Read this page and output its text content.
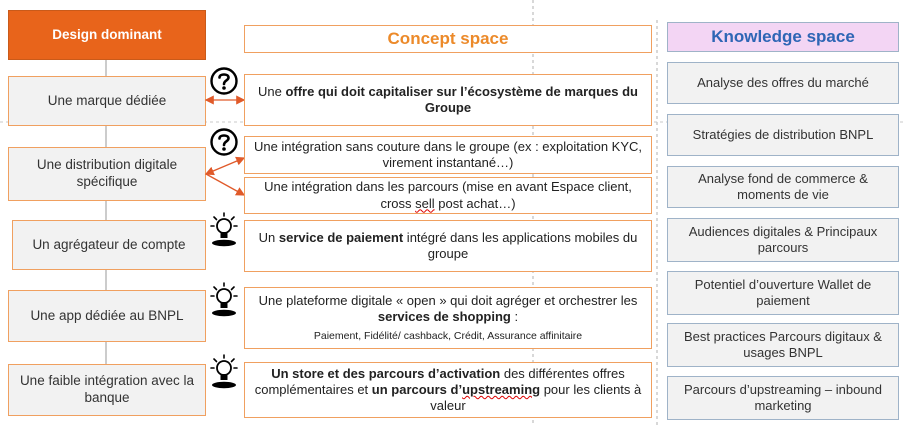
Design dominant	Concept space	Knowledge space
Une marque dédiée
Une distribution digitale spécifique
Un agrégateur de compte
Une app dédiée au BNPL
Une faible intégration avec la banque
Une offre qui doit capitaliser sur l’écosystème de marques du Groupe
Une intégration sans couture dans le groupe (ex : exploitation KYC, virement instantané…)
Une intégration dans les parcours (mise en avant Espace client, cross sell post achat…)
Un service de paiement intégré dans les applications mobiles du groupe
Une plateforme digitale « open » qui doit agréger et orchestrer les services de shopping :
Paiement, Fidélité/ cashback, Crédit, Assurance affinitaire
Un store et des parcours d’activation des différentes offres complémentaires et un parcours d’upstreaming pour les clients à valeur
Analyse des offres du marché
Stratégies de distribution BNPL
Analyse fond de commerce & moments de vie
Audiences digitales & Principaux parcours
Potentiel d’ouverture Wallet de paiement
Best practices Parcours digitaux & usages BNPL
Parcours d’upstreaming – inbound marketing
